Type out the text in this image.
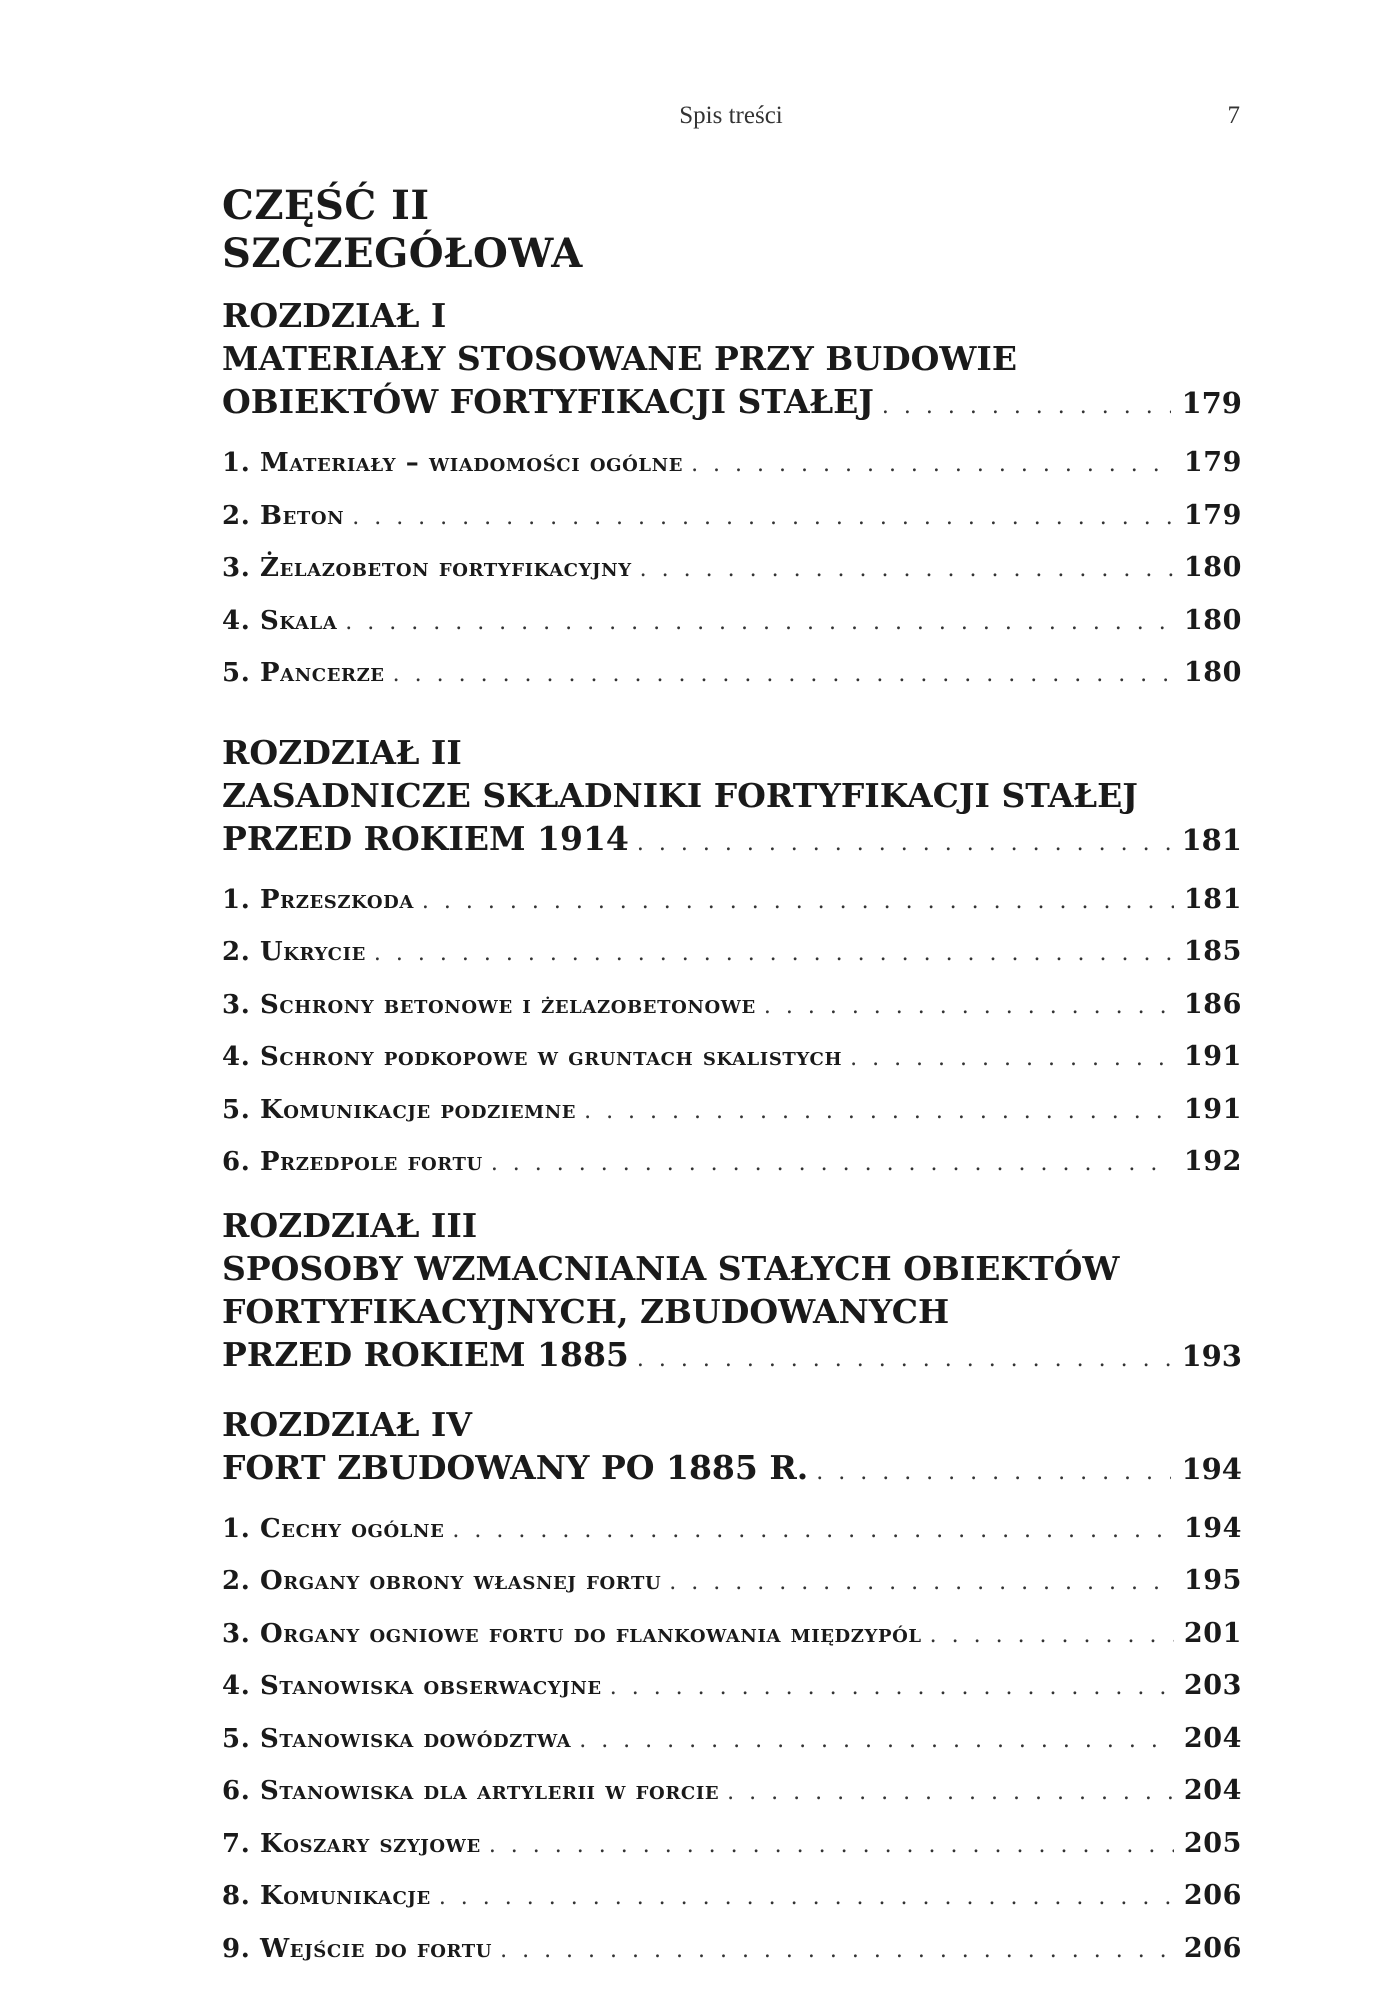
Spis treści	7
CZĘŚĆ II
SZCZEGÓŁOWA
ROZDZIAŁ I
MATERIAŁY STOSOWANE PRZY BUDOWIE
OBIEKTÓW FORTYFIKACJI STAŁEJ . . .	179
1. Materiały – wiadomości ogólne . . .	179
2. Beton . . .	179
3. Żelazobeton fortyfikacyjny . . .	180
4. Skala . . .	180
5. Pancerze . . .	180
ROZDZIAŁ II
ZASADNICZE SKŁADNIKI FORTYFIKACJI STAŁEJ
PRZED ROKIEM 1914 . . .	181
1. Przeszkoda . . .	181
2. Ukrycie . . .	185
3. Schrony betonowe i żelazobetonowe . . .	186
4. Schrony podkopowe w gruntach skalistych . . .	191
5. Komunikacje podziemne . . .	191
6. Przedpole fortu . . .	192
ROZDZIAŁ III
SPOSOBY WZMACNIANIA STAŁYCH OBIEKTÓW
FORTYFIKACYJNYCH, ZBUDOWANYCH
PRZED ROKIEM 1885 . . .	193
ROZDZIAŁ IV
FORT ZBUDOWANY PO 1885 R. . . .	194
1. Cechy ogólne . . .	194
2. Organy obrony własnej fortu . . .	195
3. Organy ogniowe fortu do flankowania międzypól . . .	201
4. Stanowiska obserwacyjne . . .	203
5. Stanowiska dowództwa . . .	204
6. Stanowiska dla artylerii w forcie . . .	204
7. Koszary szyjowe . . .	205
8. Komunikacje . . .	206
9. Wejście do fortu . . .	206
